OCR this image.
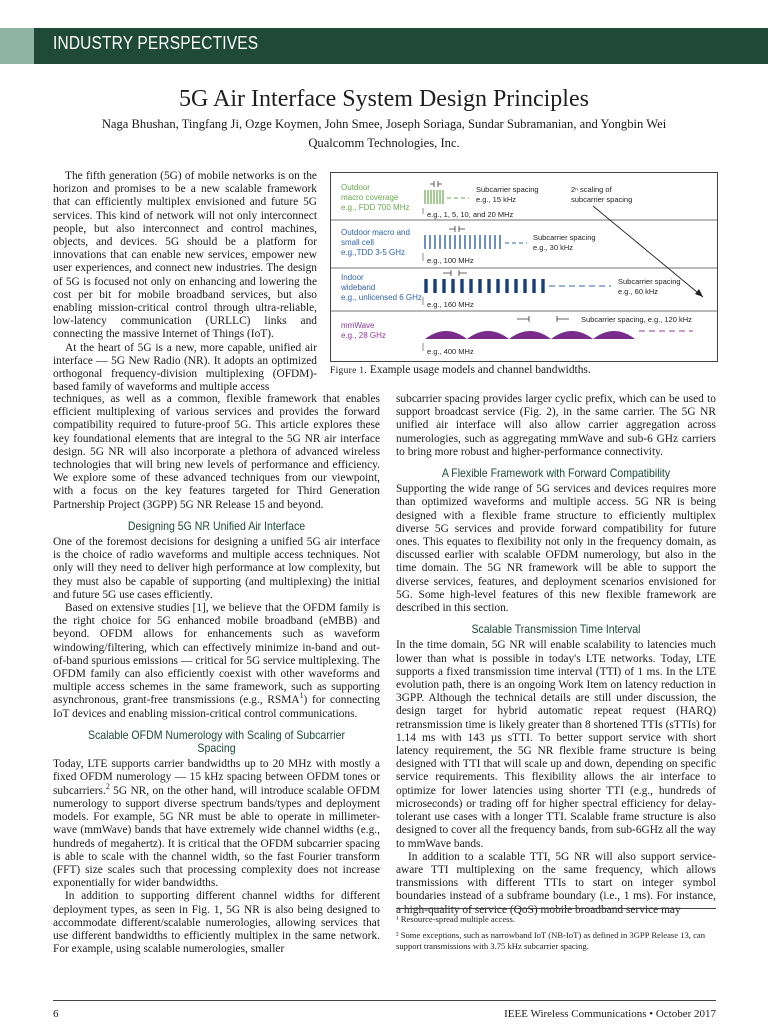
INDUSTRY PERSPECTIVES
5G Air Interface System Design Principles
Naga Bhushan, Tingfang Ji, Ozge Koymen, John Smee, Joseph Soriaga, Sundar Subramanian, and Yongbin Wei
Qualcomm Technologies, Inc.

The fifth generation (5G) of mobile networks is on the horizon and promises to be a new scalable framework that can efficiently multiplex envisioned and future 5G services. This kind of network will not only interconnect people, but also interconnect and control machines, objects, and devices. 5G should be a platform for innovations that can enable new services, empower new user experiences, and connect new industries. The design of 5G is focused not only on enhancing and lowering the cost per bit for mobile broadband services, but also enabling mission-critical control through ultra-reliable, low-latency communication (URLLC) links and connecting the massive Internet of Things (IoT).

At the heart of 5G is a new, more capable, unified air interface — 5G New Radio (NR). It adopts an optimized orthogonal frequency-division multiplexing (OFDM)-based family of waveforms and multiple access

Outdoor
macro coverage
e.g., FDD 700 MHz
e.g., 1, 5, 10, and 20 MHz
Subcarrier spacing
e.g., 15 kHz
2ⁿ scaling of
subcarrier spacing
Outdoor macro and
small cell
e.g.,TDD 3-5 GHz
e.g., 100 MHz
Subcarrier spacing
e.g., 30 kHz
Indoor
wideband
e.g., unlicensed 6 GHz
e.g., 160 MHz
Subcarrier spacing
e.g., 60 kHz
mmWave
e.g., 28 GHz
Subcarrier spacing, e.g., 120 kHz
e.g., 400 MHz
Figure 1. Example usage models and channel bandwidths.

techniques, as well as a common, flexible framework that enables efficient multiplexing of various services and provides the forward compatibility required to future-proof 5G. This article explores these key foundational elements that are integral to the 5G NR air interface design. 5G NR will also incorporate a plethora of advanced wireless technologies that will bring new levels of performance and efficiency. We explore some of these advanced techniques from our viewpoint, with a focus on the key features targeted for Third Generation Partnership Project (3GPP) 5G NR Release 15 and beyond.

Designing 5G NR Unified Air Interface

One of the foremost decisions for designing a unified 5G air interface is the choice of radio waveforms and multiple access techniques. Not only will they need to deliver high performance at low complexity, but they must also be capable of supporting (and multiplexing) the initial and future 5G use cases efficiently.

Based on extensive studies [1], we believe that the OFDM family is the right choice for 5G enhanced mobile broadband (eMBB) and beyond. OFDM allows for enhancements such as waveform windowing/filtering, which can effectively minimize in-band and out-of-band spurious emissions — critical for 5G service multiplexing. The OFDM family can also efficiently coexist with other waveforms and multiple access schemes in the same framework, such as supporting asynchronous, grant-free transmissions (e.g., RSMA$^1$) for connecting IoT devices and enabling mission-critical control communications.

Scalable OFDM Numerology with Scaling of Subcarrier Spacing

Today, LTE supports carrier bandwidths up to 20 MHz with mostly a fixed OFDM numerology — 15 kHz spacing between OFDM tones or subcarriers.$^2$ 5G NR, on the other hand, will introduce scalable OFDM numerology to support diverse spectrum bands/types and deployment models. For example, 5G NR must be able to operate in millimeter-wave (mmWave) bands that have extremely wide channel widths (e.g., hundreds of megahertz). It is critical that the OFDM subcarrier spacing is able to scale with the channel width, so the fast Fourier transform (FFT) size scales such that processing complexity does not increase exponentially for wider bandwidths.

In addition to supporting different channel widths for different deployment types, as seen in Fig. 1, 5G NR is also being designed to accommodate different/scalable numerologies, allowing services that use different bandwidths to efficiently multiplex in the same network. For example, using scalable numerologies, smaller

subcarrier spacing provides larger cyclic prefix, which can be used to support broadcast service (Fig. 2), in the same carrier. The 5G NR unified air interface will also allow carrier aggregation across numerologies, such as aggregating mmWave and sub-6 GHz carriers to bring more robust and higher-performance connectivity.

A Flexible Framework with Forward Compatibility

Supporting the wide range of 5G services and devices requires more than optimized waveforms and multiple access. 5G NR is being designed with a flexible frame structure to efficiently multiplex diverse 5G services and provide forward compatibility for future ones. This equates to flexibility not only in the frequency domain, as discussed earlier with scalable OFDM numerology, but also in the time domain. The 5G NR framework will be able to support the diverse services, features, and deployment scenarios envisioned for 5G. Some high-level features of this new flexible framework are described in this section.

Scalable Transmission Time Interval

In the time domain, 5G NR will enable scalability to latencies much lower than what is possible in today's LTE networks. Today, LTE supports a fixed transmission time interval (TTI) of 1 ms. In the LTE evolution path, there is an ongoing Work Item on latency reduction in 3GPP. Although the technical details are still under discussion, the design target for hybrid automatic repeat request (HARQ) retransmission time is likely greater than 8 shortened TTIs (sTTIs) for 1.14 ms with 143 µs sTTI. To better support service with short latency requirement, the 5G NR flexible frame structure is being designed with TTI that will scale up and down, depending on specific service requirements. This flexibility allows the air interface to optimize for lower latencies using shorter TTI (e.g., hundreds of microseconds) or trading off for higher spectral efficiency for delay-tolerant use cases with a longer TTI. Scalable frame structure is also designed to cover all the frequency bands, from sub-6GHz all the way to mmWave bands.

In addition to a scalable TTI, 5G NR will also support service-aware TTI multiplexing on the same frequency, which allows transmissions with different TTIs to start on integer symbol boundaries instead of a subframe boundary (i.e., 1 ms). For instance, a high-quality of service (QoS) mobile broadband service may

¹ Resource-spread multiple access.

² Some exceptions, such as narrowband IoT (NB-IoT) as defined in 3GPP Release 13, can support transmissions with 3.75 kHz subcarrier spacing.

6	IEEE Wireless Communications • October 2017
